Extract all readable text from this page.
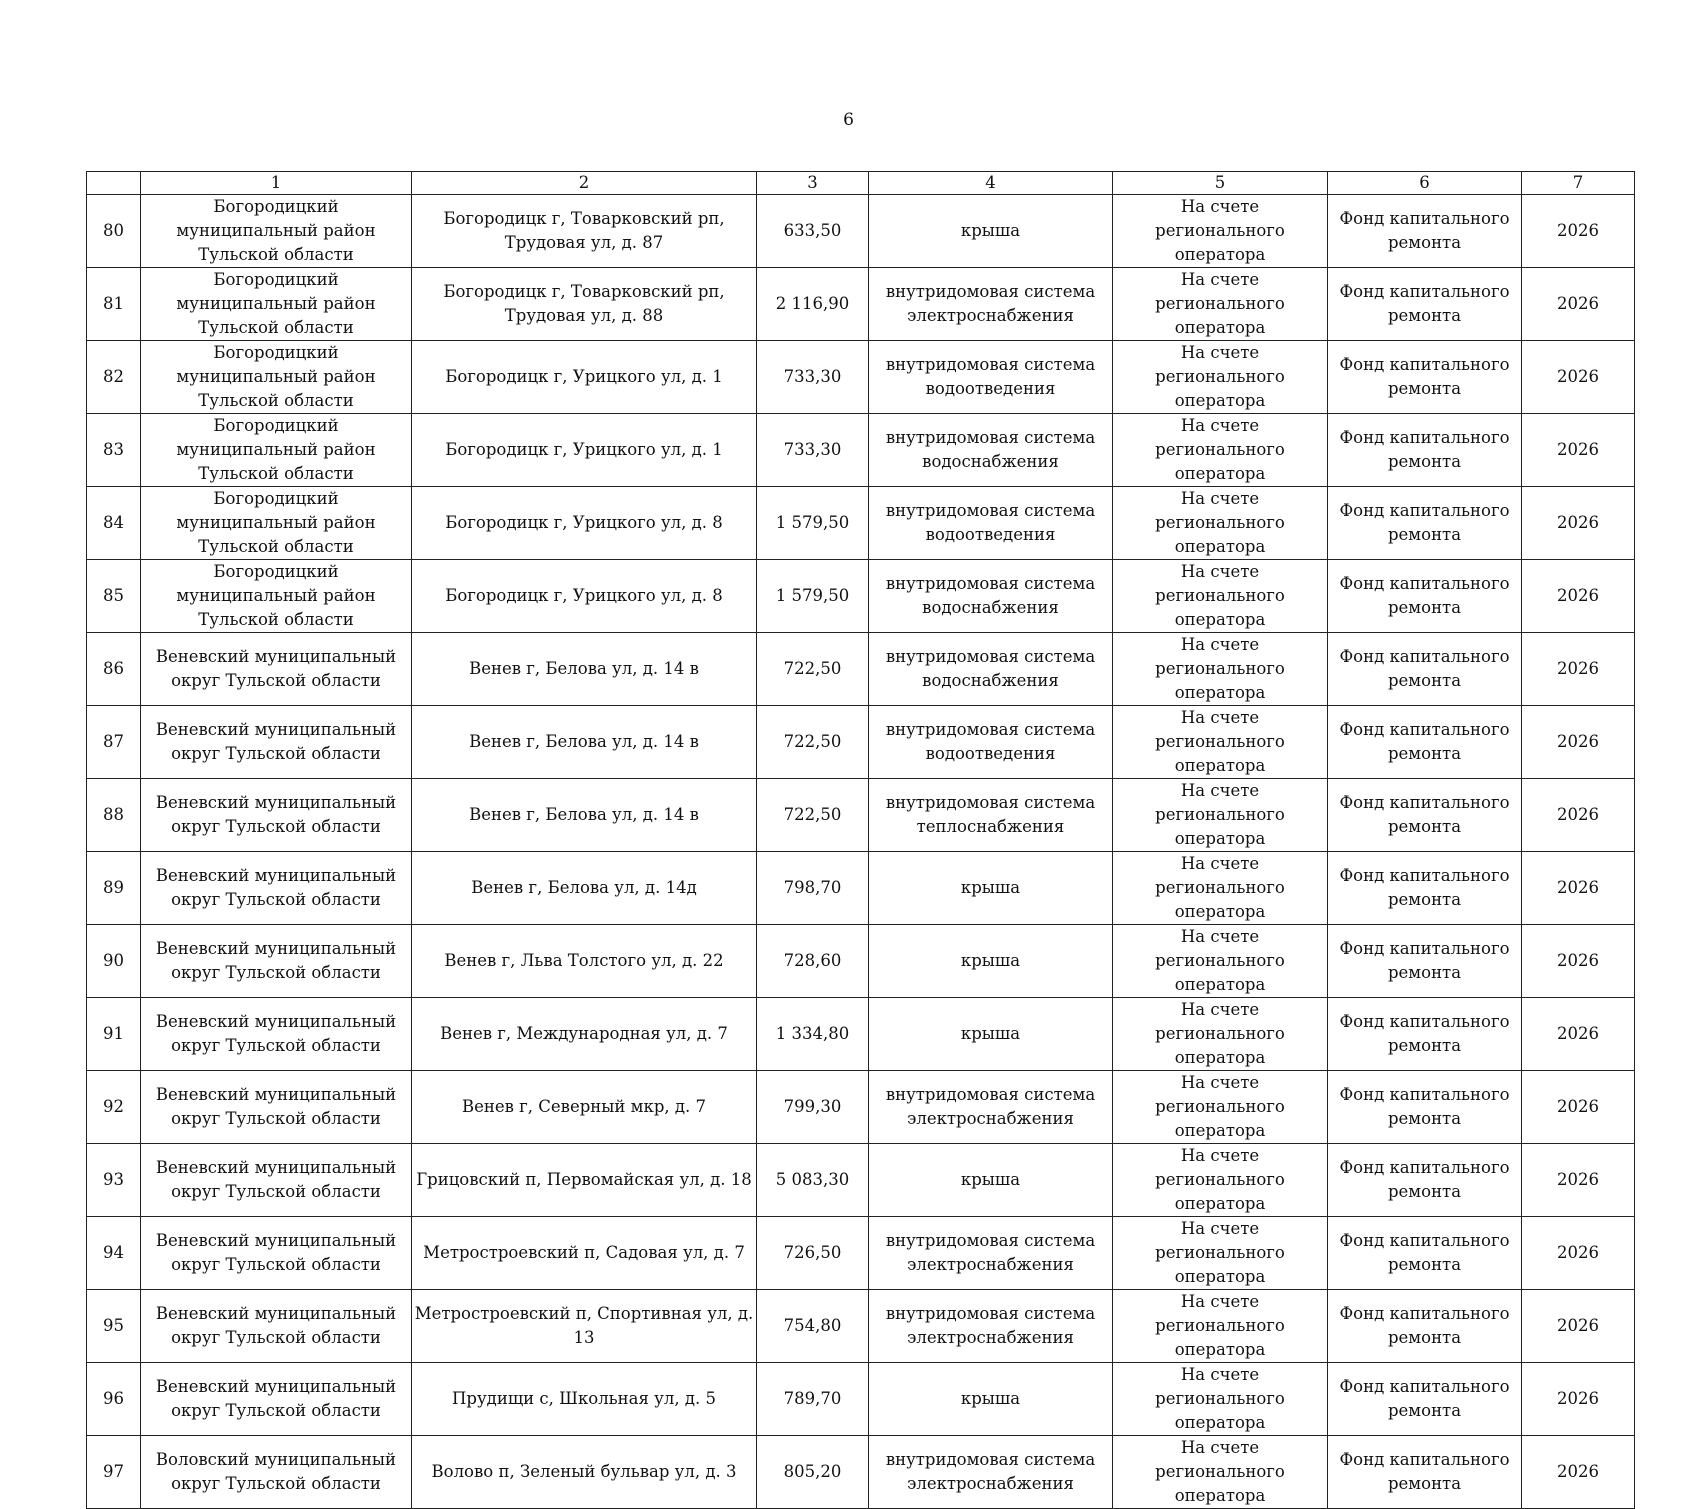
6
	1	2	3	4	5	6	7
80	Богородицкий муниципальный район Тульской области	Богородицк г, Товарковский рп, Трудовая ул, д. 87	633,50	крыша	На счете регионального оператора	Фонд капитального ремонта	2026
81	Богородицкий муниципальный район Тульской области	Богородицк г, Товарковский рп, Трудовая ул, д. 88	2 116,90	внутридомовая система электроснабжения	На счете регионального оператора	Фонд капитального ремонта	2026
82	Богородицкий муниципальный район Тульской области	Богородицк г, Урицкого ул, д. 1	733,30	внутридомовая система водоотведения	На счете регионального оператора	Фонд капитального ремонта	2026
83	Богородицкий муниципальный район Тульской области	Богородицк г, Урицкого ул, д. 1	733,30	внутридомовая система водоснабжения	На счете регионального оператора	Фонд капитального ремонта	2026
84	Богородицкий муниципальный район Тульской области	Богородицк г, Урицкого ул, д. 8	1 579,50	внутридомовая система водоотведения	На счете регионального оператора	Фонд капитального ремонта	2026
85	Богородицкий муниципальный район Тульской области	Богородицк г, Урицкого ул, д. 8	1 579,50	внутридомовая система водоснабжения	На счете регионального оператора	Фонд капитального ремонта	2026
86	Веневский муниципальный округ Тульской области	Венев г, Белова ул, д. 14 в	722,50	внутридомовая система водоснабжения	На счете регионального оператора	Фонд капитального ремонта	2026
87	Веневский муниципальный округ Тульской области	Венев г, Белова ул, д. 14 в	722,50	внутридомовая система водоотведения	На счете регионального оператора	Фонд капитального ремонта	2026
88	Веневский муниципальный округ Тульской области	Венев г, Белова ул, д. 14 в	722,50	внутридомовая система теплоснабжения	На счете регионального оператора	Фонд капитального ремонта	2026
89	Веневский муниципальный округ Тульской области	Венев г, Белова ул, д. 14д	798,70	крыша	На счете регионального оператора	Фонд капитального ремонта	2026
90	Веневский муниципальный округ Тульской области	Венев г, Льва Толстого ул, д. 22	728,60	крыша	На счете регионального оператора	Фонд капитального ремонта	2026
91	Веневский муниципальный округ Тульской области	Венев г, Международная ул, д. 7	1 334,80	крыша	На счете регионального оператора	Фонд капитального ремонта	2026
92	Веневский муниципальный округ Тульской области	Венев г, Северный мкр, д. 7	799,30	внутридомовая система электроснабжения	На счете регионального оператора	Фонд капитального ремонта	2026
93	Веневский муниципальный округ Тульской области	Грицовский п, Первомайская ул, д. 18	5 083,30	крыша	На счете регионального оператора	Фонд капитального ремонта	2026
94	Веневский муниципальный округ Тульской области	Метростроевский п, Садовая ул, д. 7	726,50	внутридомовая система электроснабжения	На счете регионального оператора	Фонд капитального ремонта	2026
95	Веневский муниципальный округ Тульской области	Метростроевский п, Спортивная ул, д. 13	754,80	внутридомовая система электроснабжения	На счете регионального оператора	Фонд капитального ремонта	2026
96	Веневский муниципальный округ Тульской области	Прудищи с, Школьная ул, д. 5	789,70	крыша	На счете регионального оператора	Фонд капитального ремонта	2026
97	Воловский муниципальный округ Тульской области	Волово п, Зеленый бульвар ул, д. 3	805,20	внутридомовая система электроснабжения	На счете регионального оператора	Фонд капитального ремонта	2026
